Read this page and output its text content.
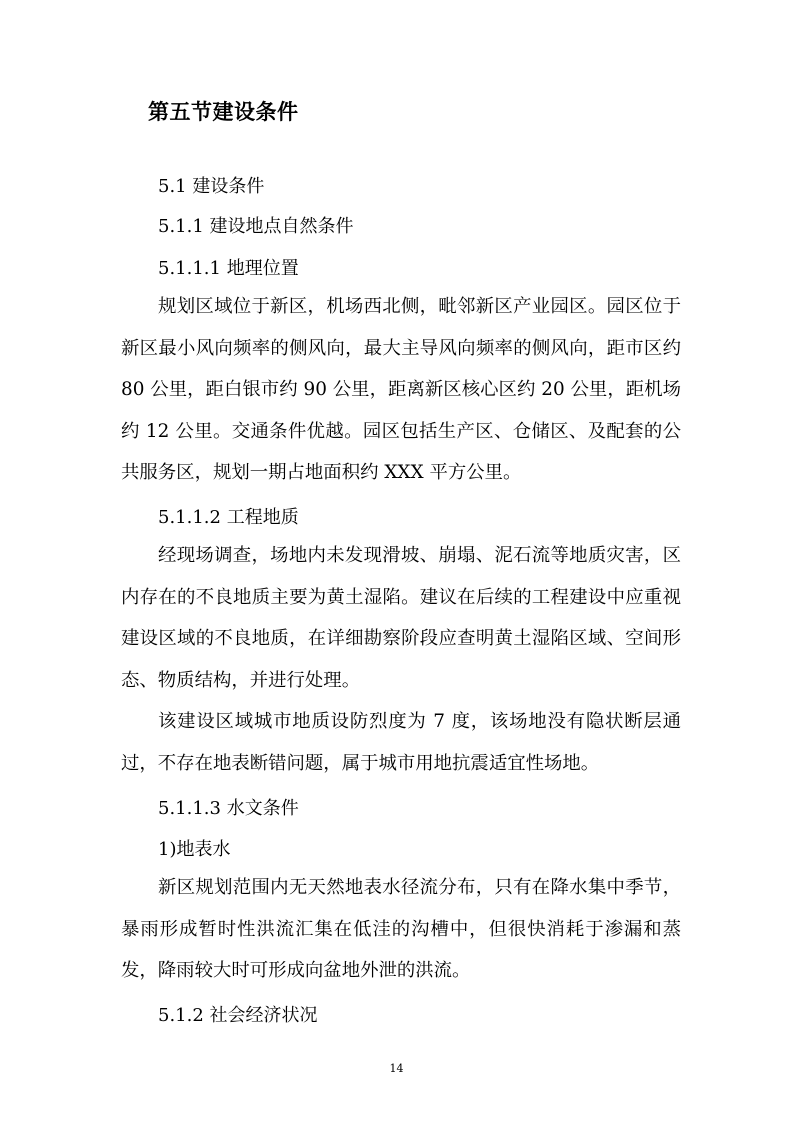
第五节建设条件
5.1 建设条件
5.1.1 建设地点自然条件
5.1.1.1 地理位置

规划区域位于新区，机场西北侧，毗邻新区产业园区。园区位于新区最小风向频率的侧风向，最大主导风向频率的侧风向，距市区约 80 公里，距白银市约 90 公里，距离新区核心区约 20 公里，距机场约 12 公里。交通条件优越。园区包括生产区、仓储区、及配套的公共服务区，规划一期占地面积约 XXX 平方公里。

5.1.1.2 工程地质

经现场调查，场地内未发现滑坡、崩塌、泥石流等地质灾害，区内存在的不良地质主要为黄土湿陷。建议在后续的工程建设中应重视建设区域的不良地质，在详细勘察阶段应查明黄土湿陷区域、空间形态、物质结构，并进行处理。

该建设区域城市地质设防烈度为 7 度，该场地没有隐状断层通过，不存在地表断错问题，属于城市用地抗震适宜性场地。

5.1.1.3 水文条件
1)地表水

新区规划范围内无天然地表水径流分布，只有在降水集中季节，暴雨形成暂时性洪流汇集在低洼的沟槽中，但很快消耗于渗漏和蒸发，降雨较大时可形成向盆地外泄的洪流。

5.1.2 社会经济状况
14
